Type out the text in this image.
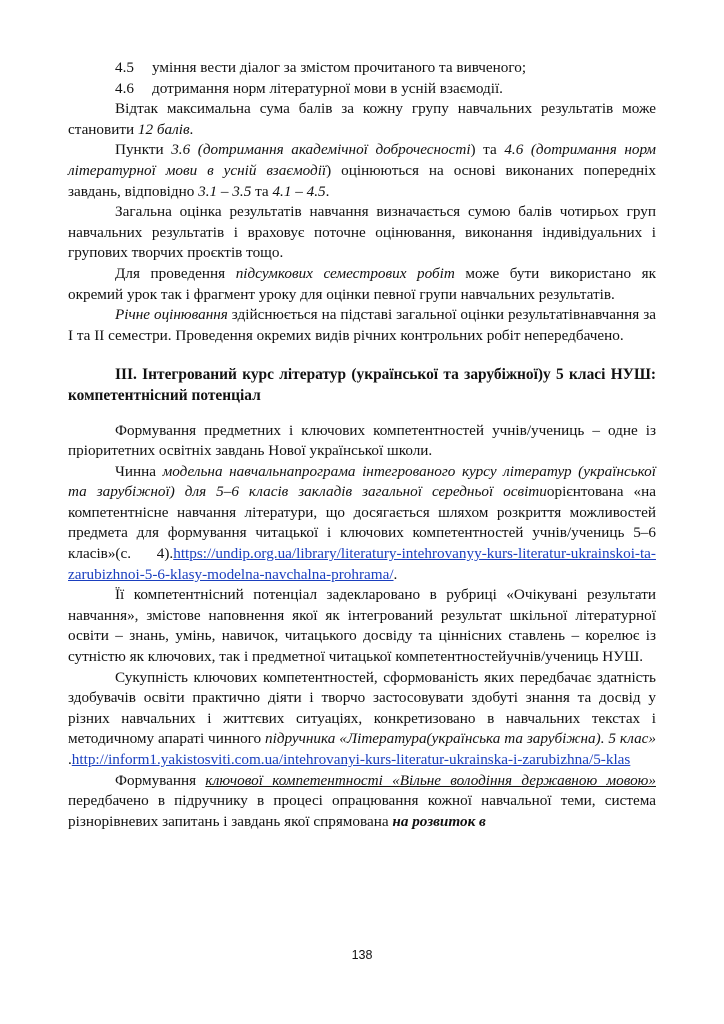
4.5 уміння вести діалог за змістом прочитаного та вивченого;

4.6 дотримання норм літературної мови в усній взаємодії.

Відтак максимальна сума балів за кожну групу навчальних результатів може становити 12 балів.

Пункти 3.6 (дотримання академічної доброчесності) та 4.6 (дотримання норм літературної мови в усній взаємодії) оцінюються на основі виконаних попередніх завдань, відповідно 3.1 – 3.5 та 4.1 – 4.5.

Загальна оцінка результатів навчання визначається сумою балів чотирьох груп навчальних результатів і враховує поточне оцінювання, виконання індивідуальних і групових творчих проєктів тощо.

Для проведення підсумкових семестрових робіт може бути використано як окремий урок так і фрагмент уроку для оцінки певної групи навчальних результатів.

Річне оцінювання здійснюється на підставі загальної оцінки результатівнавчання за І та ІІ семестри. Проведення окремих видів річних контрольних робіт непередбачено.

ІІІ. Інтегрований курс літератур (української та зарубіжної)у 5 класі НУШ: компетентнісний потенціал

Формування предметних і ключових компетентностей учнів/учениць – одне із пріоритетних освітніх завдань Нової української школи.

Чинна модельна навчальнапрограма інтегрованого курсу літератур (української та зарубіжної) для 5–6 класів закладів загальної середньої освітиорієнтована «на компетентнісне навчання літератури, що досягається шляхом розкриття можливостей предмета для формування читацької і ключових компетентностей учнів/учениць 5–6 класів»(с. 4).https://undip.org.ua/library/literatury-intehrovanyy-kurs-literatur-ukrainskoi-ta-zarubizhnoi-5-6-klasy-modelna-navchalna-prohrama/.

Її компетентнісний потенціал задекларовано в рубриці «Очікувані результати навчання», змістове наповнення якої як інтегрований результат шкільної літературної освіти – знань, умінь, навичок, читацького досвіду та ціннісних ставлень – корелює із сутністю як ключових, так і предметної читацької компетентностейучнів/учениць НУШ.

Сукупність ключових компетентностей, сформованість яких передбачає здатність здобувачів освіти практично діяти і творчо застосовувати здобуті знання та досвід у різних навчальних і життєвих ситуаціях, конкретизовано в навчальних текстах і методичному апараті чинного підручника «Література(українська та зарубіжна). 5 клас» .http://inform1.yakistosviti.com.ua/intehrovanyi-kurs-literatur-ukrainska-i-zarubizhna/5-klas

Формування ключової компетентності «Вільне володіння державною мовою» передбачено в підручнику в процесі опрацювання кожної навчальної теми, система різнорівневих запитань і завдань якої спрямована на розвиток в

138
